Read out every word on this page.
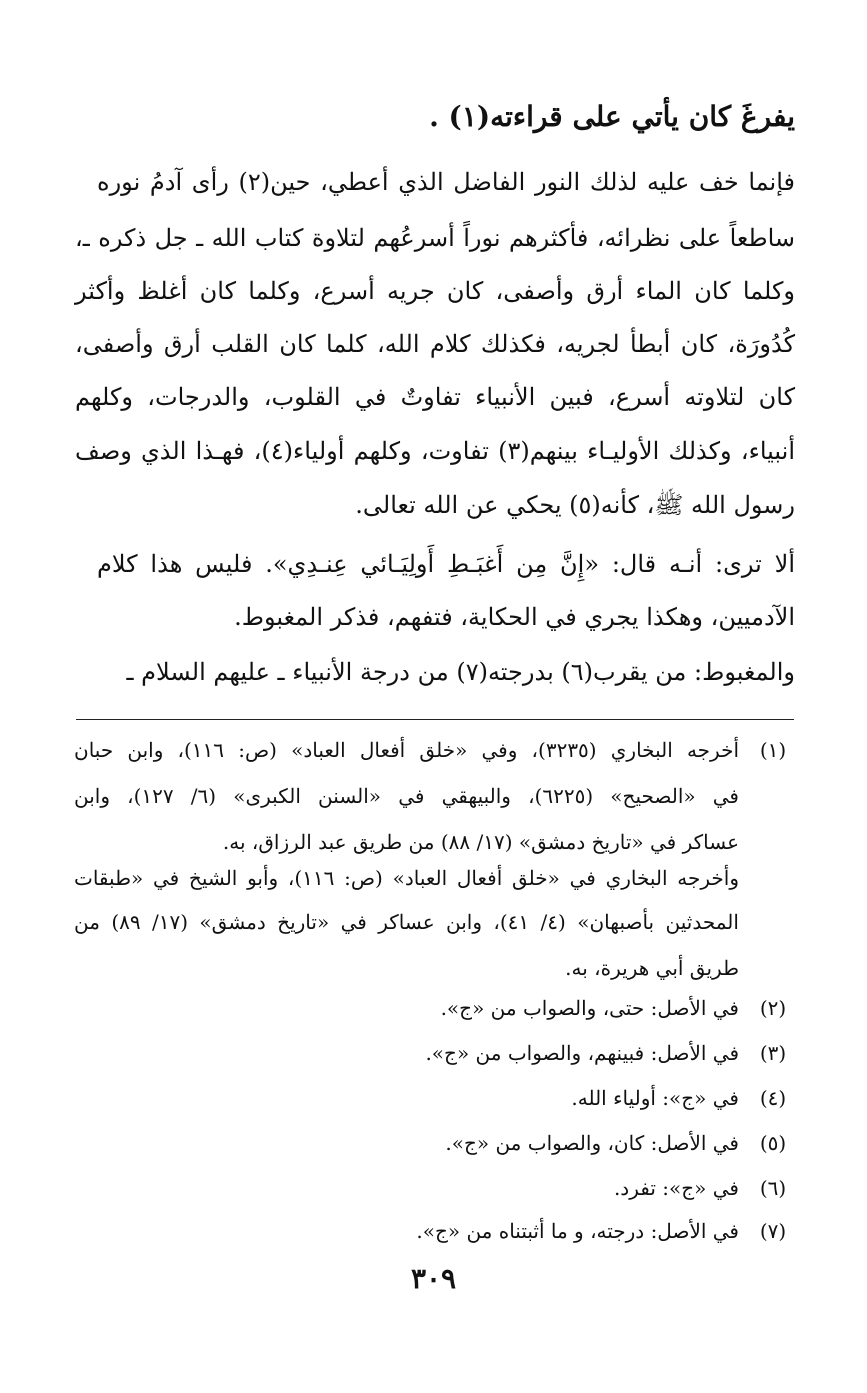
يفرغَ كان يأتي على قراءته(١) .
فإنما خف عليه لذلك النور الفاضل الذي أعطي، حين(٢) رأى آدمُ نوره
ساطعاً على نظرائه، فأكثرهم نوراً أسرعُهم لتلاوة كتاب الله ـ جل ذكره ـ،
وكلما كان الماء أرق وأصفى، كان جريه أسرع، وكلما كان أغلظ وأكثر
كُدُورَة، كان أبطأ لجريه، فكذلك كلام الله، كلما كان القلب أرق وأصفى،
كان لتلاوته أسرع، فبين الأنبياء تفاوتٌ في القلوب، والدرجات، وكلهم
أنبياء، وكذلك الأوليـاء بينهم(٣) تفاوت، وكلهم أولياء(٤)، فهـذا الذي وصف
رسول الله ﷺ، كأنه(٥) يحكي عن الله تعالى.
ألا ترى: أنـه قال: «إِنَّ مِن أَغبَـطِ أَولِيَـائي عِنـدِي». فليس هذا كلام
الآدميين، وهكذا يجري في الحكاية، فتفهم، فذكر المغبوط.
والمغبوط: من يقرب(٦) بدرجته(٧) من درجة الأنبياء ـ عليهم السلام ـ
(١)
أخرجه البخاري (٣٢٣٥)، وفي «خلق أفعال العباد» (ص: ١١٦)، وابن حبان
في «الصحيح» (٦٢٢٥)، والبيهقي في «السنن الكبرى» (٦/ ١٢٧)، وابن
عساكر في «تاريخ دمشق» (١٧/ ٨٨) من طريق عبد الرزاق، به.
وأخرجه البخاري في «خلق أفعال العباد» (ص: ١١٦)، وأبو الشيخ في «طبقات
المحدثين بأصبهان» (٤/ ٤١)، وابن عساكر في «تاريخ دمشق» (١٧/ ٨٩) من
طريق أبي هريرة، به.
(٢)
في الأصل: حتى، والصواب من «ج».
(٣)
في الأصل: فبينهم، والصواب من «ج».
(٤)
في «ج»: أولياء الله.
(٥)
في الأصل: كان، والصواب من «ج».
(٦)
في «ج»: تفرد.
(٧)
في الأصل: درجته، و ما أثبتناه من «ج».
٣٠٩
